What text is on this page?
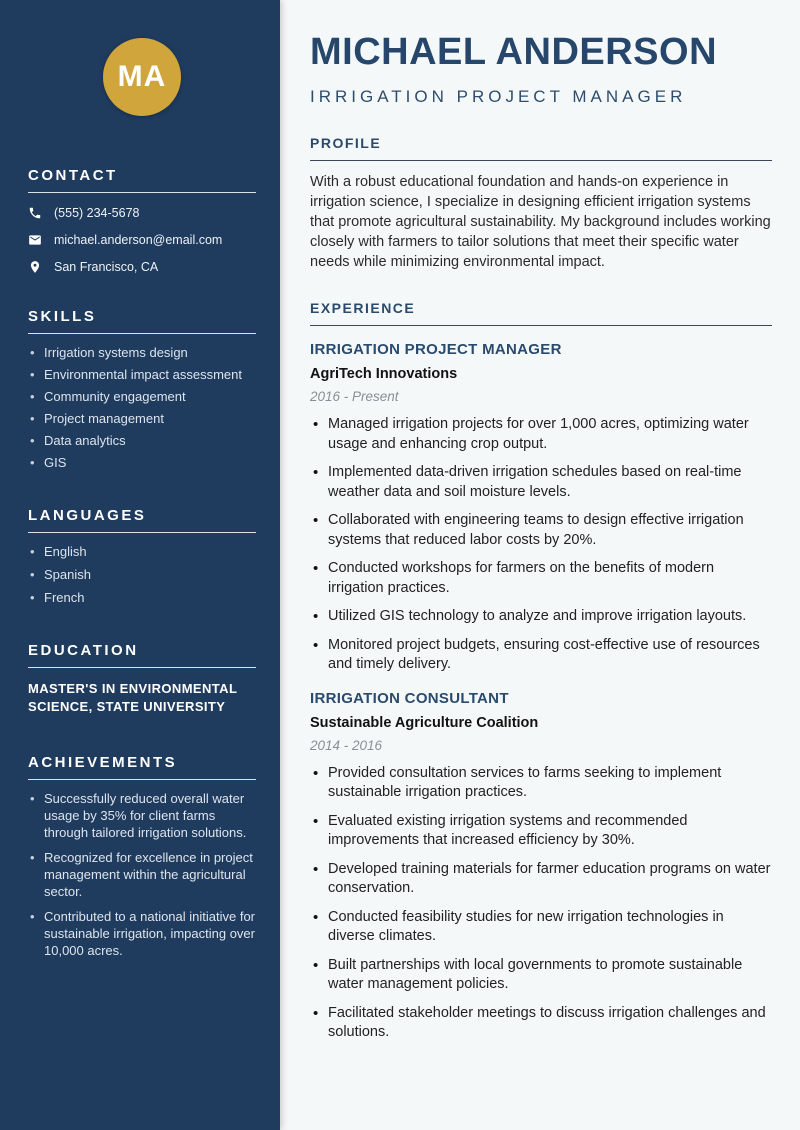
MA
CONTACT
(555) 234-5678
michael.anderson@email.com
San Francisco, CA
SKILLS
• Irrigation systems design
• Environmental impact assessment
• Community engagement
• Project management
• Data analytics
• GIS
LANGUAGES
• English
• Spanish
• French
EDUCATION
MASTER'S IN ENVIRONMENTAL SCIENCE, STATE UNIVERSITY
ACHIEVEMENTS
• Successfully reduced overall water usage by 35% for client farms through tailored irrigation solutions.
• Recognized for excellence in project management within the agricultural sector.
• Contributed to a national initiative for sustainable irrigation, impacting over 10,000 acres.
MICHAEL ANDERSON
IRRIGATION PROJECT MANAGER
PROFILE

With a robust educational foundation and hands-on experience in irrigation science, I specialize in designing efficient irrigation systems that promote agricultural sustainability. My background includes working closely with farmers to tailor solutions that meet their specific water needs while minimizing environmental impact.

EXPERIENCE
IRRIGATION PROJECT MANAGER
AgriTech Innovations
2016 - Present
• Managed irrigation projects for over 1,000 acres, optimizing water usage and enhancing crop output.
• Implemented data-driven irrigation schedules based on real-time weather data and soil moisture levels.
• Collaborated with engineering teams to design effective irrigation systems that reduced labor costs by 20%.
• Conducted workshops for farmers on the benefits of modern irrigation practices.
• Utilized GIS technology to analyze and improve irrigation layouts.
• Monitored project budgets, ensuring cost-effective use of resources and timely delivery.
IRRIGATION CONSULTANT
Sustainable Agriculture Coalition
2014 - 2016
• Provided consultation services to farms seeking to implement sustainable irrigation practices.
• Evaluated existing irrigation systems and recommended improvements that increased efficiency by 30%.
• Developed training materials for farmer education programs on water conservation.
• Conducted feasibility studies for new irrigation technologies in diverse climates.
• Built partnerships with local governments to promote sustainable water management policies.
• Facilitated stakeholder meetings to discuss irrigation challenges and solutions.
